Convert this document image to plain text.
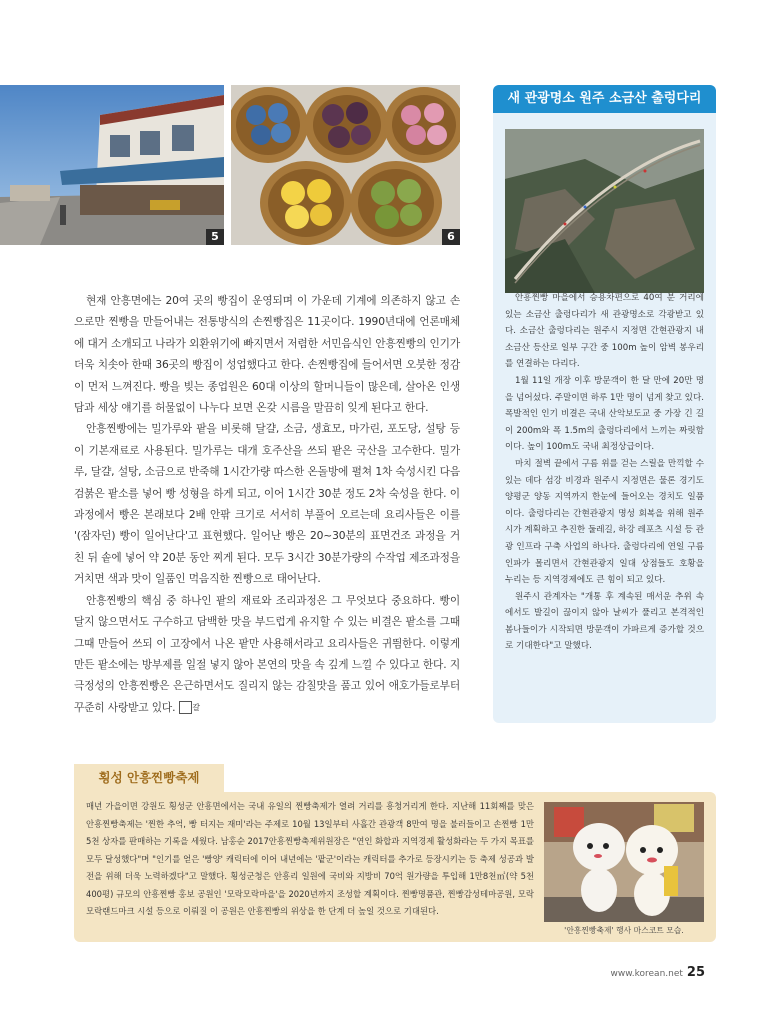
5	6
새 관광명소 원주 소금산 출렁다리

안흥찐빵 마을에서 승용차편으로 40여 분 거리에 있는 소금산 출렁다리가 새 관광명소로 각광받고 있다. 소금산 출렁다리는 원주시 지정면 간현관광지 내 소금산 등산로 일부 구간 중 100m 높이 암벽 봉우리를 연결하는 다리다.

1월 11일 개장 이후 방문객이 한 달 만에 20만 명을 넘어섰다. 주말이면 하루 1만 명이 넘게 찾고 있다. 폭발적인 인기 비결은 국내 산악보도교 중 가장 긴 길이 200m와 폭 1.5m의 출렁다리에서 느끼는 짜릿함이다. 높이 100m도 국내 최정상급이다.

마치 절벽 끝에서 구름 위를 걷는 스릴을 만끽할 수 있는 데다 섬강 비경과 원주시 지정면은 물론 경기도 양평군 양동 지역까지 한눈에 들어오는 경치도 일품이다. 출렁다리는 간현관광지 명성 회복을 위해 원주시가 계획하고 추진한 둘레길, 하강 레포츠 시설 등 관광 인프라 구축 사업의 하나다. 출렁다리에 연일 구름 인파가 몰리면서 간현관광지 일대 상점들도 호황을 누리는 등 지역경제에도 큰 힘이 되고 있다.

원주시 관계자는 "개통 후 계속된 매서운 추위 속에서도 발길이 끊이지 않아 날씨가 풀리고 본격적인 봄나들이가 시작되면 방문객이 가파르게 증가할 것으로 기대한다"고 말했다.

현재 안흥면에는 20여 곳의 빵집이 운영되며 이 가운데 기계에 의존하지 않고 손으로만 찐빵을 만들어내는 전통방식의 손찐빵집은 11곳이다. 1990년대에 언론매체에 대거 소개되고 나라가 외환위기에 빠지면서 저렴한 서민음식인 안흥찐빵의 인기가 더욱 치솟아 한때 36곳의 빵집이 성업했다고 한다. 손찐빵집에 들어서면 오붓한 정감이 먼저 느껴진다. 빵을 빚는 종업원은 60대 이상의 할머니들이 많은데, 살아온 인생담과 세상 얘기를 허물없이 나누다 보면 온갖 시름을 말끔히 잊게 된다고 한다.

안흥찐빵에는 밀가루와 팥을 비롯해 달걀, 소금, 생효모, 마가린, 포도당, 설탕 등이 기본재료로 사용된다. 밀가루는 대개 호주산을 쓰되 팥은 국산을 고수한다. 밀가루, 달걀, 설탕, 소금으로 반죽해 1시간가량 따스한 온돌방에 펼쳐 1차 숙성시킨 다음 검붉은 팥소를 넣어 빵 성형을 하게 되고, 이어 1시간 30분 정도 2차 숙성을 한다. 이 과정에서 빵은 본래보다 2배 안팎 크기로 서서히 부풀어 오르는데 요리사들은 이를 '(잠자던) 빵이 일어난다'고 표현했다. 일어난 빵은 20~30분의 표면건조 과정을 거친 뒤 솥에 넣어 약 20분 동안 찌게 된다. 모두 3시간 30분가량의 수작업 제조과정을 거치면 색과 맛이 일품인 먹음직한 찐빵으로 태어난다.

안흥찐빵의 핵심 중 하나인 팥의 재료와 조리과정은 그 무엇보다 중요하다. 빵이 달지 않으면서도 구수하고 담백한 맛을 부드럽게 유지할 수 있는 비결은 팥소를 그때그때 만들어 쓰되 이 고장에서 나온 팥만 사용해서라고 요리사들은 귀띔한다. 이렇게 만든 팥소에는 방부제를 일절 넣지 않아 본연의 맛을 속 깊게 느낄 수 있다고 한다. 지극정성의 안흥찐빵은 은근하면서도 질리지 않는 감칠맛을 품고 있어 애호가들로부터 꾸준히 사랑받고 있다. 갈

횡성 안흥찐빵축제

매년 가을이면 강원도 횡성군 안흥면에서는 국내 유일의 찐빵축제가 열려 거리를 흥청거리게 한다. 지난해 11회째를 맞은 안흥찐빵축제는 '찐한 추억, 빵 터지는 재미'라는 주제로 10월 13일부터 사흘간 관광객 8만여 명을 불러들이고 손찐빵 1만5천 상자를 판매하는 기록을 세웠다. 남홍순 2017안흥찐빵축제위원장은 "연인 화합과 지역경제 활성화라는 두 가지 목표를 모두 달성했다"며 "인기를 얻은 '빵양' 캐릭터에 이어 내년에는 '팥군'이라는 캐릭터를 추가로 등장시키는 등 축제 성공과 발전을 위해 더욱 노력하겠다"고 말했다. 횡성군청은 안흥리 일원에 국비와 지방비 70억 원가량을 투입해 1만8천㎡(약 5천400평) 규모의 안흥찐빵 홍보 공원인 '모락모락마을'을 2020년까지 조성할 계획이다. 찐빵명품관, 찐빵감성테마공원, 모락모락랜드마크 시설 등으로 이뤄질 이 공원은 안흥찐빵의 위상을 한 단계 더 높일 것으로 기대된다.

'안흥찐빵축제' 행사 마스코트 모습.
www.korean.net 25
